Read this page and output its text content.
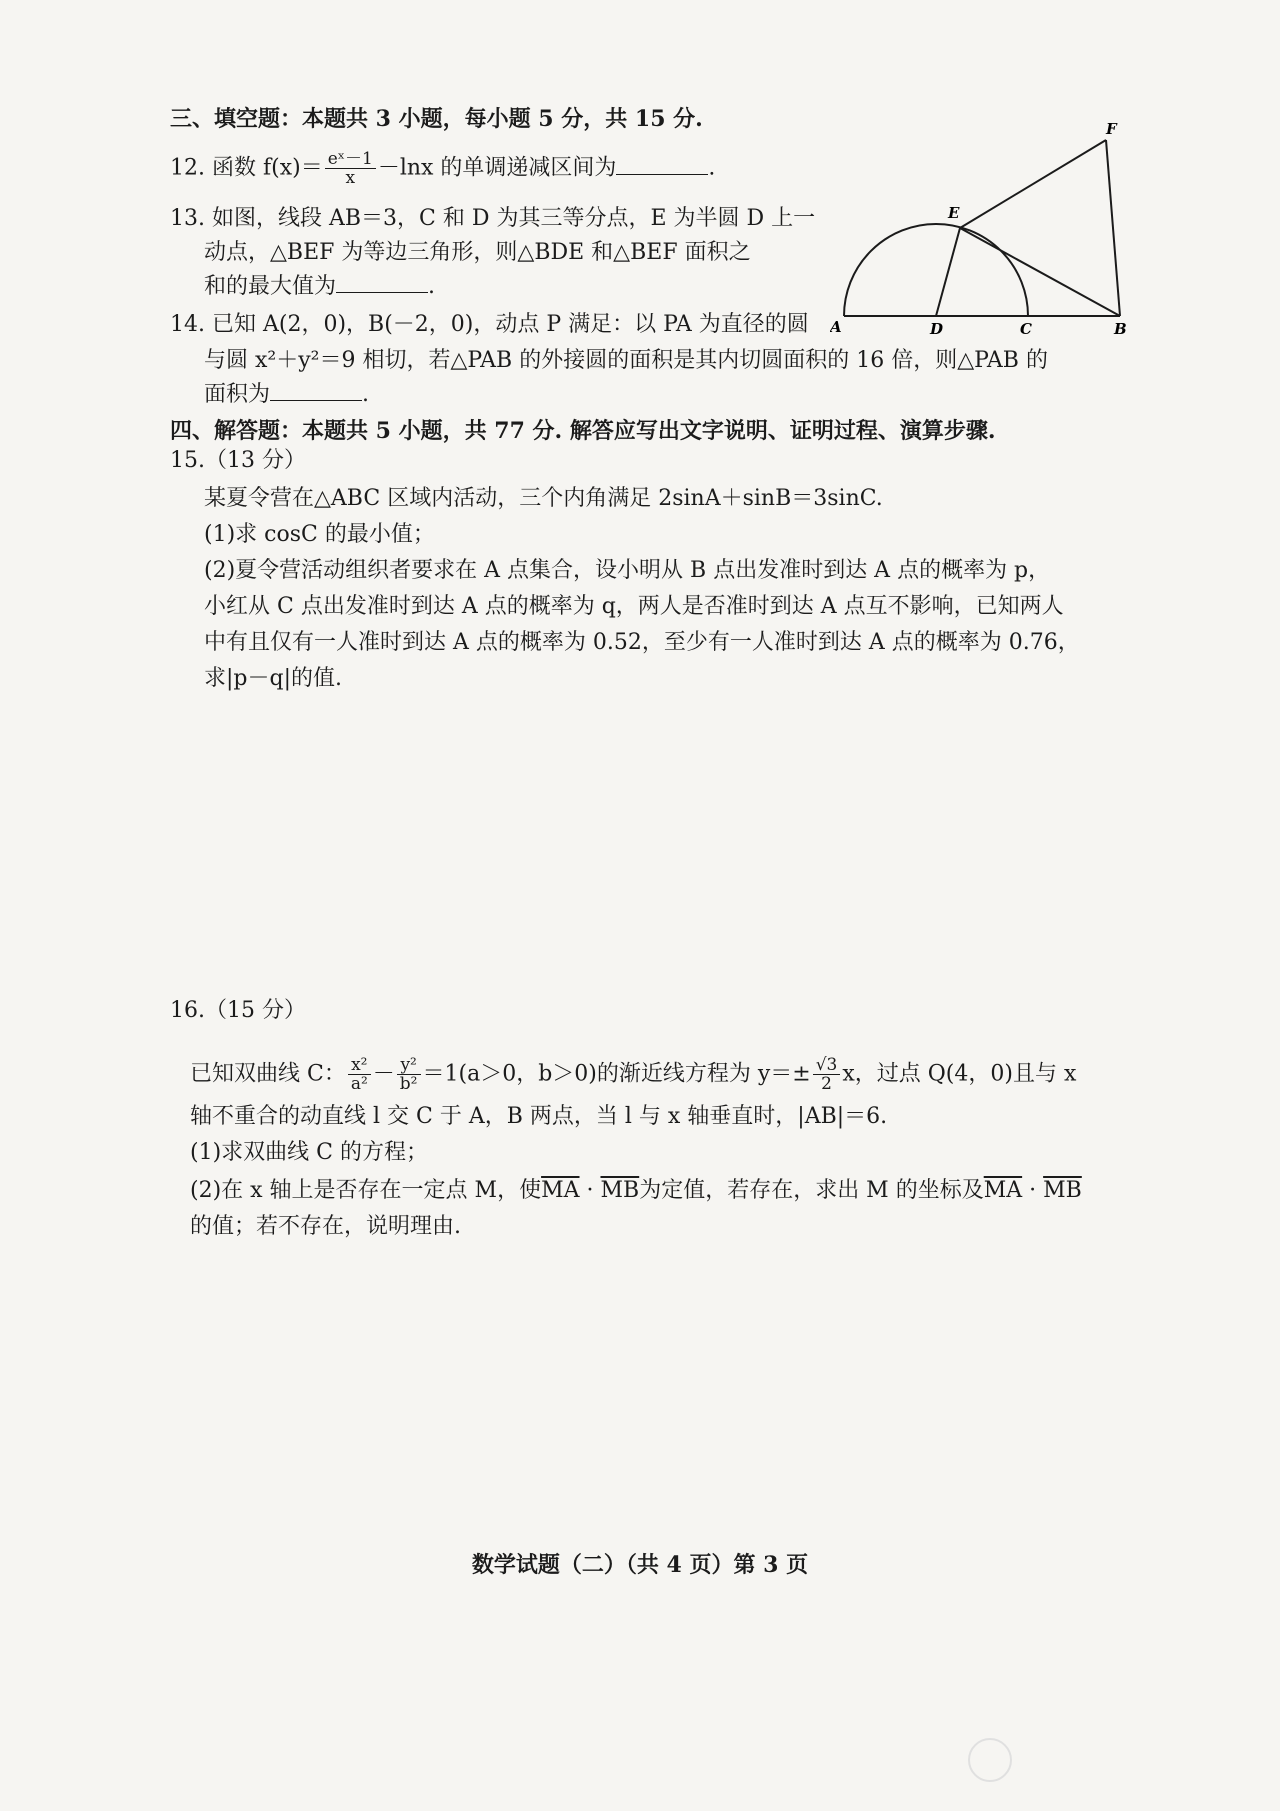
三、填空题：本题共 3 小题，每小题 5 分，共 15 分.
12. 函数 $f(x)= \frac{\text{eˣ－1}}{x} -\ln x$ 的单调递减区间为	.
13. 如图，线段 AB＝3，C 和 D 为其三等分点，E 为半圆 D 上一
动点，△BEF 为等边三角形，则△BDE 和△BEF 面积之
和的最大值为	.
14. 已知 A(2，0)，B(－2，0)，动点 P 满足：以 PA 为直径的圆
与圆 x²＋y²＝9 相切，若△PAB 的外接圆的面积是其内切圆面积的 16 倍，则△PAB 的
面积为	.
A	D	C	B
E
F
四、解答题：本题共 5 小题，共 77 分. 解答应写出文字说明、证明过程、演算步骤.
15.（13 分）
某夏令营在△ABC 区域内活动，三个内角满足 2sinA＋sinB＝3sinC.
(1)求 cosC 的最小值；
(2)夏令营活动组织者要求在 A 点集合，设小明从 B 点出发准时到达 A 点的概率为 p，
小红从 C 点出发准时到达 A 点的概率为 q，两人是否准时到达 A 点互不影响，已知两人
中有且仅有一人准时到达 A 点的概率为 0.52，至少有一人准时到达 A 点的概率为 0.76，
求|p－q|的值.
16.（15 分）
已知双曲线 C： $\frac{\text{x²}}{\text{a²}} - \frac{\text{y²}}{\text{b²}} =1(a>0$，b＞0)的渐近线方程为 $y=\pm \frac{√3}{2}$ x，过点 Q(4，0)且与 x
轴不重合的动直线 l 交 C 于 A，B 两点，当 l 与 x 轴垂直时，|AB|＝6.
(1)求双曲线 C 的方程；
(2)在 x 轴上是否存在一定点 M，使$\overline{MA} \cdot \overline{MB}$为定值，若存在，求出 M 的坐标及$\overline{MA} \cdot \overline{MB}$
的值；若不存在，说明理由.
数学试题（二）（共 4 页）第 3 页
